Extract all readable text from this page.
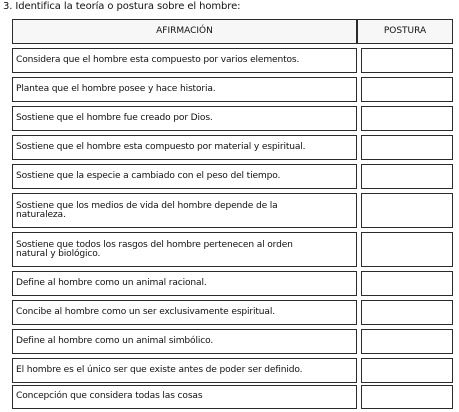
3. Identifica la teoría o postura sobre el hombre:
AFIRMACIÓN	POSTURA
Considera que el hombre esta compuesto por varios elementos.
Plantea que el hombre posee y hace historia.
Sostiene que el hombre fue creado por Dios.
Sostiene que el hombre esta compuesto por material y espiritual.
Sostiene que la especie a cambiado con el peso del tiempo.
Sostiene que los medios de vida del hombre depende de la
naturaleza.
Sostiene que todos los rasgos del hombre pertenecen al orden
natural y biológico.
Define al hombre como un animal racional.
Concibe al hombre como un ser exclusivamente espiritual.
Define al hombre como un animal simbólico.
El hombre es el único ser que existe antes de poder ser definido.
Concepción que considera todas las cosas
